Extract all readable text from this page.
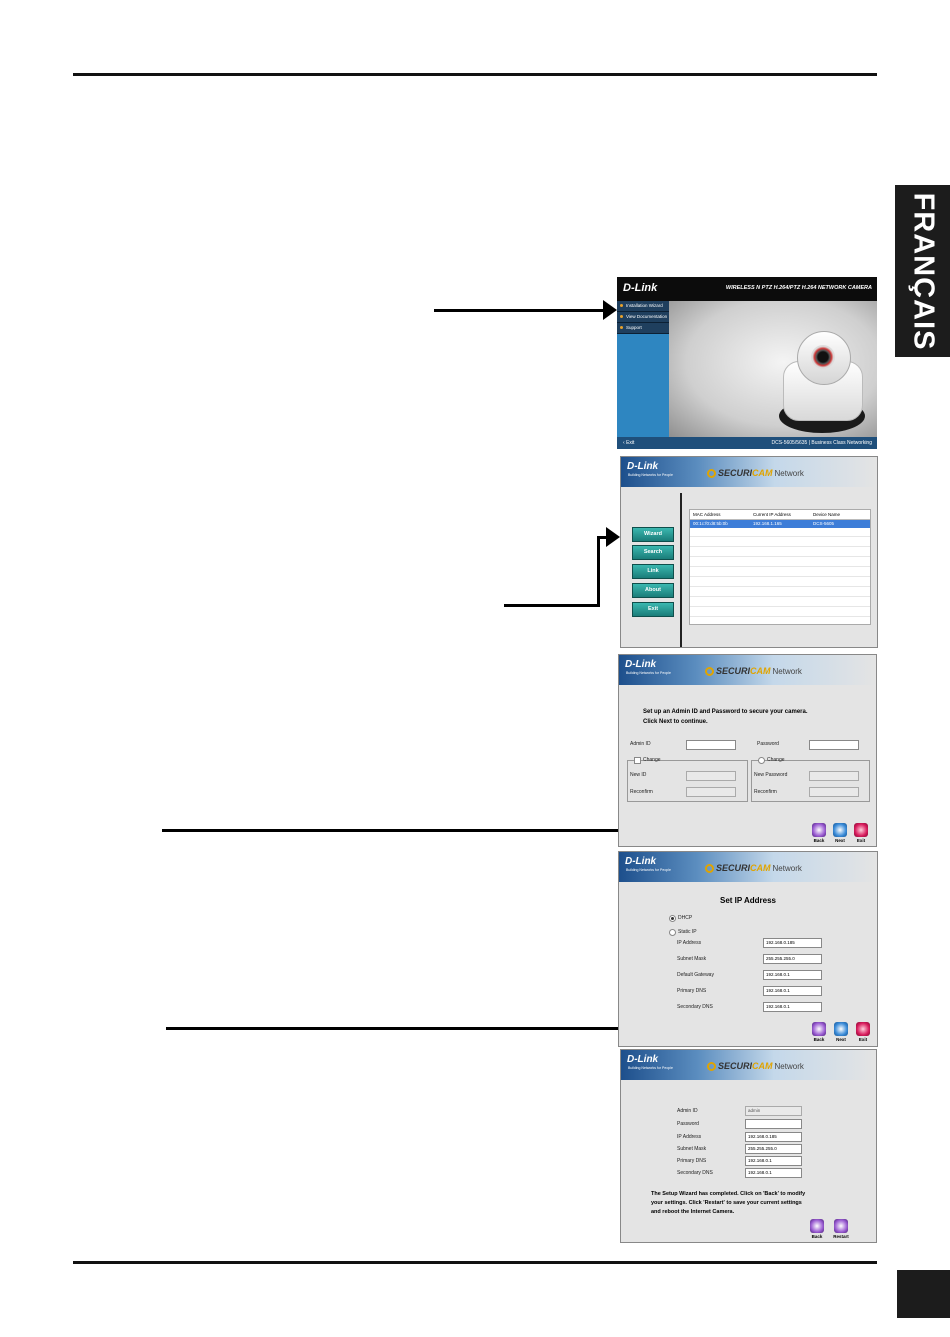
FRANÇAIS
D-Link	WIRELESS N PTZ H.264/PTZ H.264 NETWORK CAMERA
Installation Wizard
View Documentation
Support
‹ Exit	DCS-5605/5635 | Business Class Networking
D-Link
Building Networks for People	SECURICAM Network
Wizard
Search
Link
About
Exit
MAC Address	Current IP Address	Device Name
00:1c:f0:d8:5b:0b	192.168.1.165	DCS-5605
D-Link
Building Networks for People	SECURICAM Network
Set up an Admin ID and Password to secure your camera.
Click Next to continue.
Admin ID	Password
Change
New ID
Reconfirm
Change
New Password
Reconfirm
Back	Next	Exit
D-Link
Building Networks for People	SECURICAM Network
Set IP Address
DHCP
Static IP
IP Address	192.168.0.185
Subnet Mask	255.255.255.0
Default Gateway	192.168.0.1
Primary DNS	192.168.0.1
Secondary DNS	192.168.0.1
Back	Next	Exit
D-Link
Building Networks for People	SECURICAM Network
Admin ID	admin
Password
IP Address	192.168.0.185
Subnet Mask	255.255.255.0
Primary DNS	192.168.0.1
Secondary DNS	192.168.0.1
The Setup Wizard has completed. Click on 'Back' to modify
your settings. Click 'Restart' to save your current settings
and reboot the Internet Camera.
Back	Restart
